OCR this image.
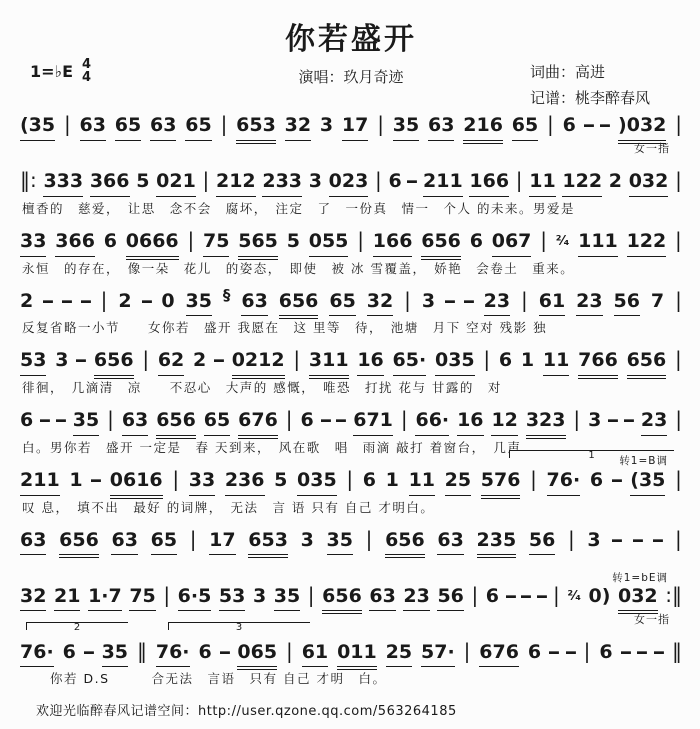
你若盛开
1=♭E 4
4	演唱：玖月奇迹	词曲：高进
记谱：桃李醉春风
(35 | 63 65 63 65 | 653 32 3 17 | 35 63 216 65 | 6 - - )032 |
女一指
‖: 333 366 5 021 | 212 233 3 023 | 6 - 211 166 | 11 122 2 032 |
檀香的　慈爱，　让思　念不会　腐坏，　注定　了　一份真　情一　个人 的未来。男爱是
33 366 6 0666 | 75 565 5 055 | 166 656 6 067 | ²⁄₄ 111 122 |
永恒　的存在，　像一朵　花儿　的姿态，　即使　被 冰 雪覆盖，　娇艳　会卷土　重来。
2 - - - | 2 - 0 35 § 63 656 65 32 | 3 - - 23 | 61 23 56 7 |
反复省略一小节　　女你若　盛开 我愿在　这 里等　待，　池塘　月下 空对 残影 独
53 3 - 656 | 62 2 - 0212 | 311 16 65· 035 | 6 1 11 766 656 |
徘徊，　几滴清　凉　　不忍心　大声的 感慨，　唯恐　打扰 花与 甘露的　对
6 - - 35 | 63 656 65 676 | 6 - - 671 | 66· 16 12 323 | 3 - - 23 |
白。男你若　盛开 一定是　春 天到来，　风在歌　唱　雨滴 敲打 着窗台，　几声
211 1 - 0616 | 33 236 5 035 | 6 1 11 25 576 | 76· 6 - (35 |
叹 息，　填不出　最好 的词牌，　无法　言 语 只有 自己 才明白。
1	转1=B调
63 656 63 65 | 17 653 3 35 | 656 63 235 56 | 3 - - - |
转1=bE调
32 21 1·7 75 | 6·5 53 3 35 | 656 63 23 56 | 6 - - - | ²⁄₄ 0) 032 :‖
女一指
76· 6 - 35 ‖ 76· 6 - 065 | 61 011 25 57· | 676 6 - - | 6 - - - ‖
　　你若 D.S　　　合无法　言语　只有 自己 才明　白。
2	3
欢迎光临醉春风记谱空间：http://user.qzone.qq.com/563264185
